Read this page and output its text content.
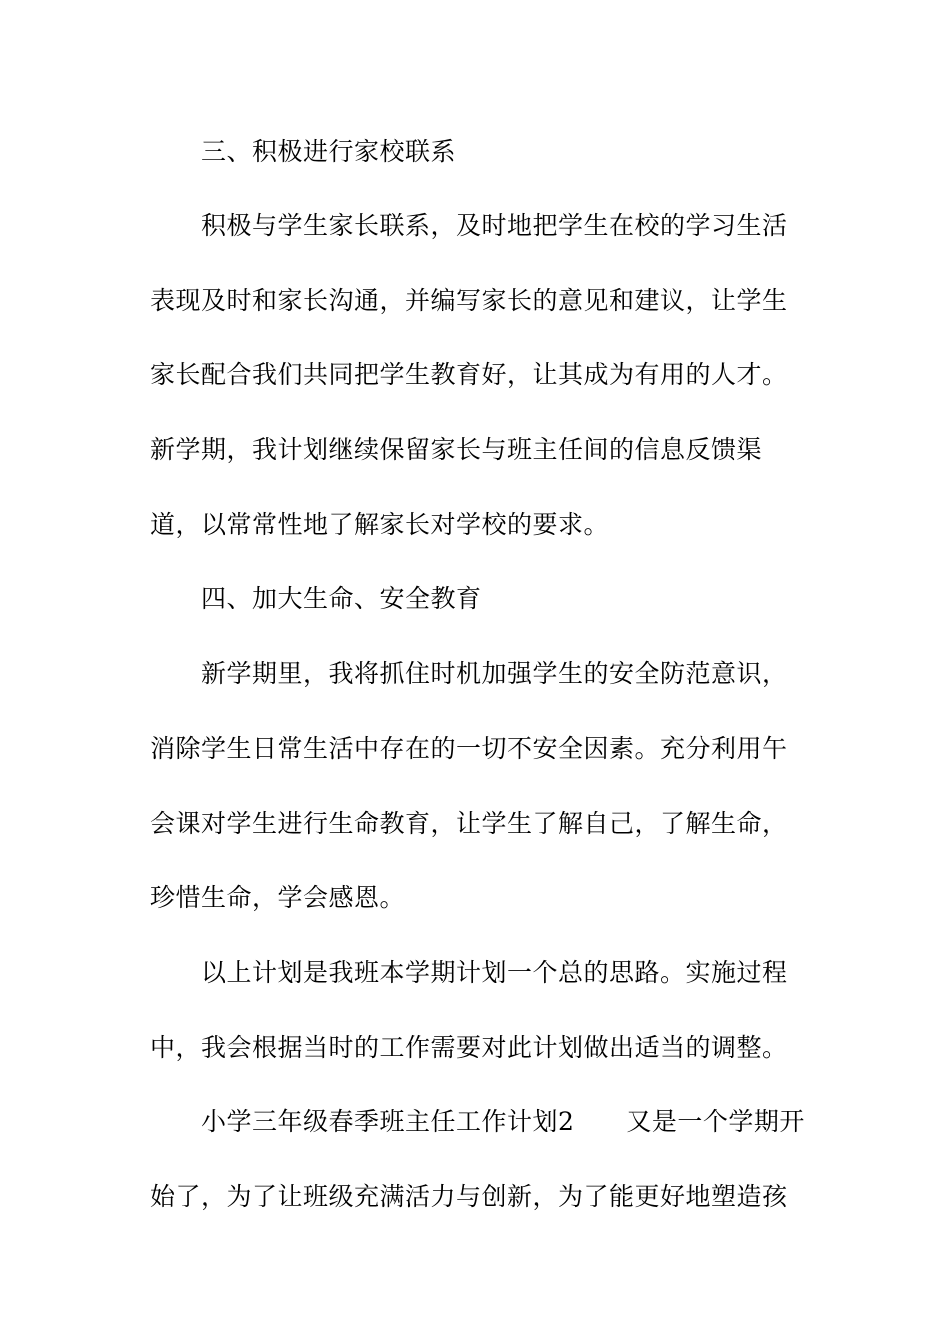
三、积极进行家校联系
积极与学生家长联系，及时地把学生在校的学习生活
表现及时和家长沟通，并编写家长的意见和建议，让学生
家长配合我们共同把学生教育好，让其成为有用的人才。
新学期，我计划继续保留家长与班主任间的信息反馈渠
道，以常常性地了解家长对学校的要求。
四、加大生命、安全教育
新学期里，我将抓住时机加强学生的安全防范意识，
消除学生日常生活中存在的一切不安全因素。充分利用午
会课对学生进行生命教育，让学生了解自己，了解生命，
珍惜生命，学会感恩。
以上计划是我班本学期计划一个总的思路。实施过程
中，我会根据当时的工作需要对此计划做出适当的调整。
小学三年级春季班主任工作计划2 又是一个学期开
始了，为了让班级充满活力与创新，为了能更好地塑造孩
